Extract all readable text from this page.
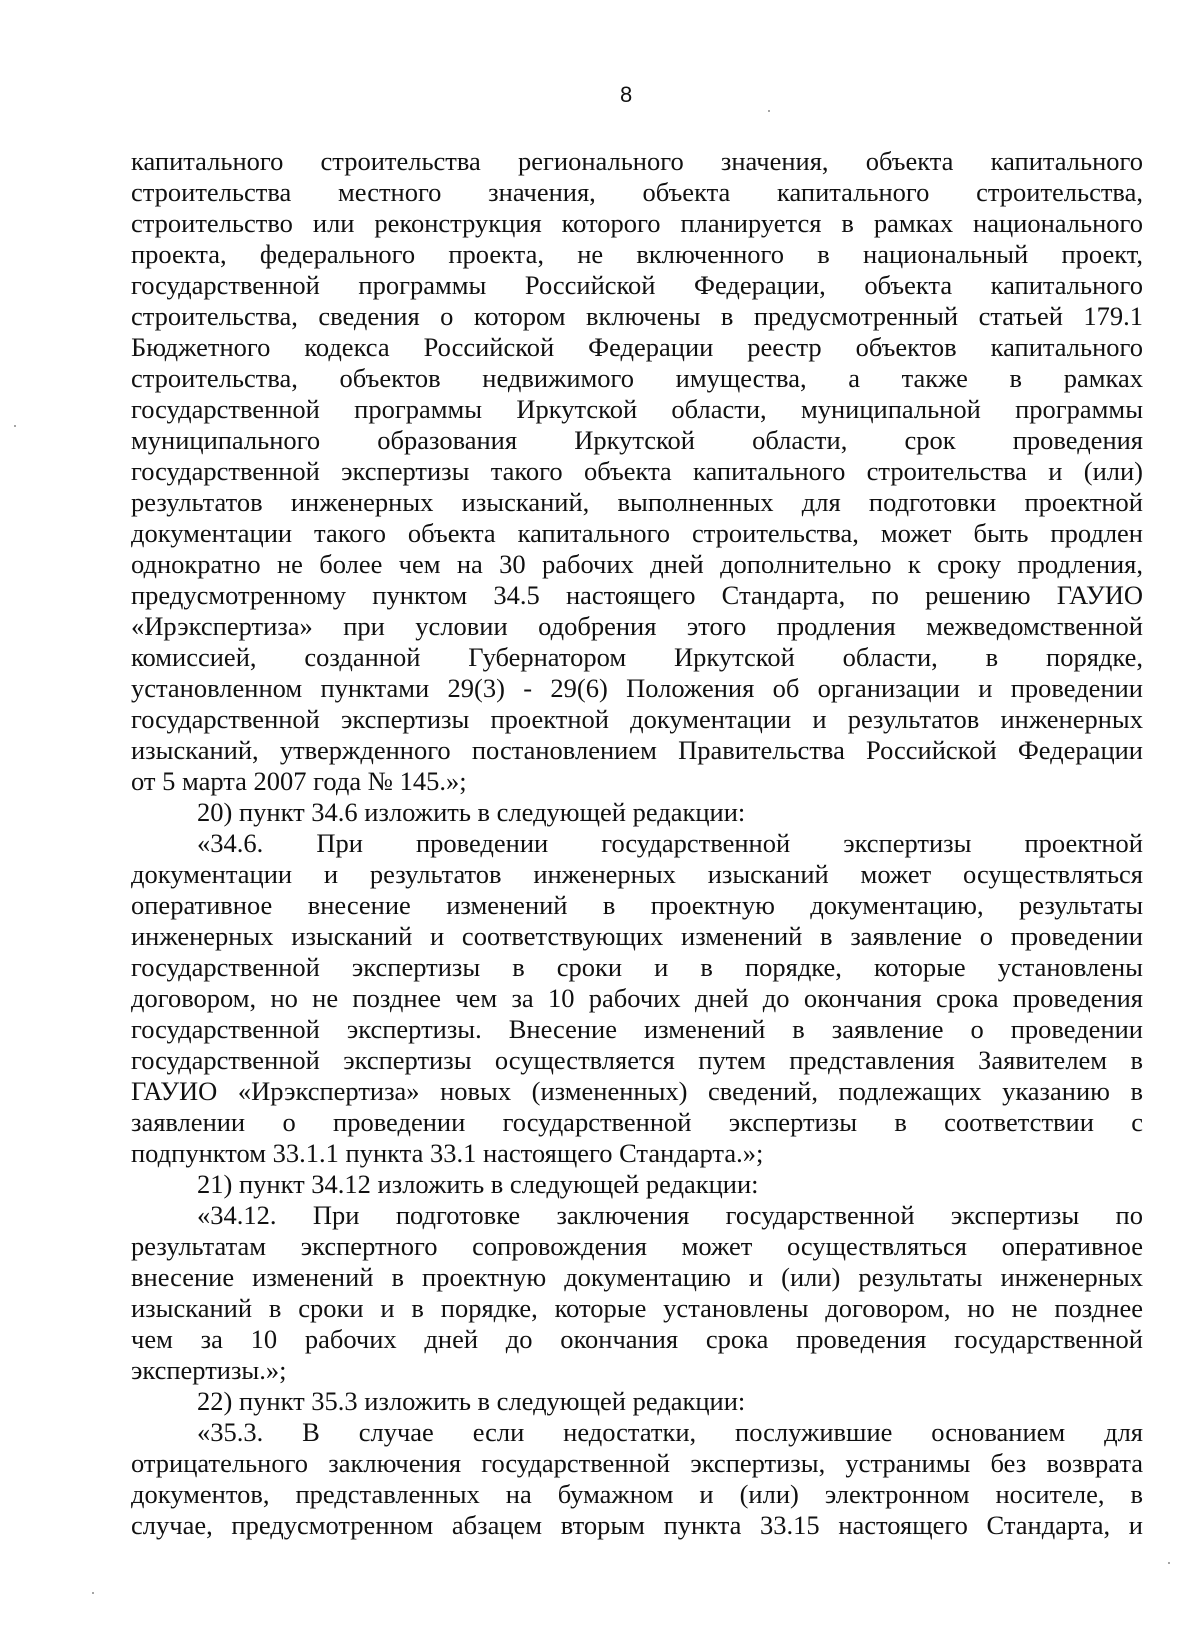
8
капитального строительства регионального значения, объекта капитального
строительства местного значения, объекта капитального строительства,
строительство или реконструкция которого планируется в рамках национального
проекта, федерального проекта, не включенного в национальный проект,
государственной программы Российской Федерации, объекта капитального
строительства, сведения о котором включены в предусмотренный статьей 179.1
Бюджетного кодекса Российской Федерации реестр объектов капитального
строительства, объектов недвижимого имущества, а также в рамках
государственной программы Иркутской области, муниципальной программы
муниципального образования Иркутской области, срок проведения
государственной экспертизы такого объекта капитального строительства и (или)
результатов инженерных изысканий, выполненных для подготовки проектной
документации такого объекта капитального строительства, может быть продлен
однократно не более чем на 30 рабочих дней дополнительно к сроку продления,
предусмотренному пунктом 34.5 настоящего Стандарта, по решению ГАУИО
«Ирэкспертиза» при условии одобрения этого продления межведомственной
комиссией, созданной Губернатором Иркутской области, в порядке,
установленном пунктами 29(3) - 29(6) Положения об организации и проведении
государственной экспертизы проектной документации и результатов инженерных
изысканий, утвержденного постановлением Правительства Российской Федерации
от 5 марта 2007 года № 145.»;
20) пункт 34.6 изложить в следующей редакции:
«34.6. При проведении государственной экспертизы проектной
документации и результатов инженерных изысканий может осуществляться
оперативное внесение изменений в проектную документацию, результаты
инженерных изысканий и соответствующих изменений в заявление о проведении
государственной экспертизы в сроки и в порядке, которые установлены
договором, но не позднее чем за 10 рабочих дней до окончания срока проведения
государственной экспертизы. Внесение изменений в заявление о проведении
государственной экспертизы осуществляется путем представления Заявителем в
ГАУИО «Ирэкспертиза» новых (измененных) сведений, подлежащих указанию в
заявлении о проведении государственной экспертизы в соответствии с
подпунктом 33.1.1 пункта 33.1 настоящего Стандарта.»;
21) пункт 34.12 изложить в следующей редакции:
«34.12. При подготовке заключения государственной экспертизы по
результатам экспертного сопровождения может осуществляться оперативное
внесение изменений в проектную документацию и (или) результаты инженерных
изысканий в сроки и в порядке, которые установлены договором, но не позднее
чем за 10 рабочих дней до окончания срока проведения государственной
экспертизы.»;
22) пункт 35.3 изложить в следующей редакции:
«35.3. В случае если недостатки, послужившие основанием для
отрицательного заключения государственной экспертизы, устранимы без возврата
документов, представленных на бумажном и (или) электронном носителе, в
случае, предусмотренном абзацем вторым пункта 33.15 настоящего Стандарта, и
